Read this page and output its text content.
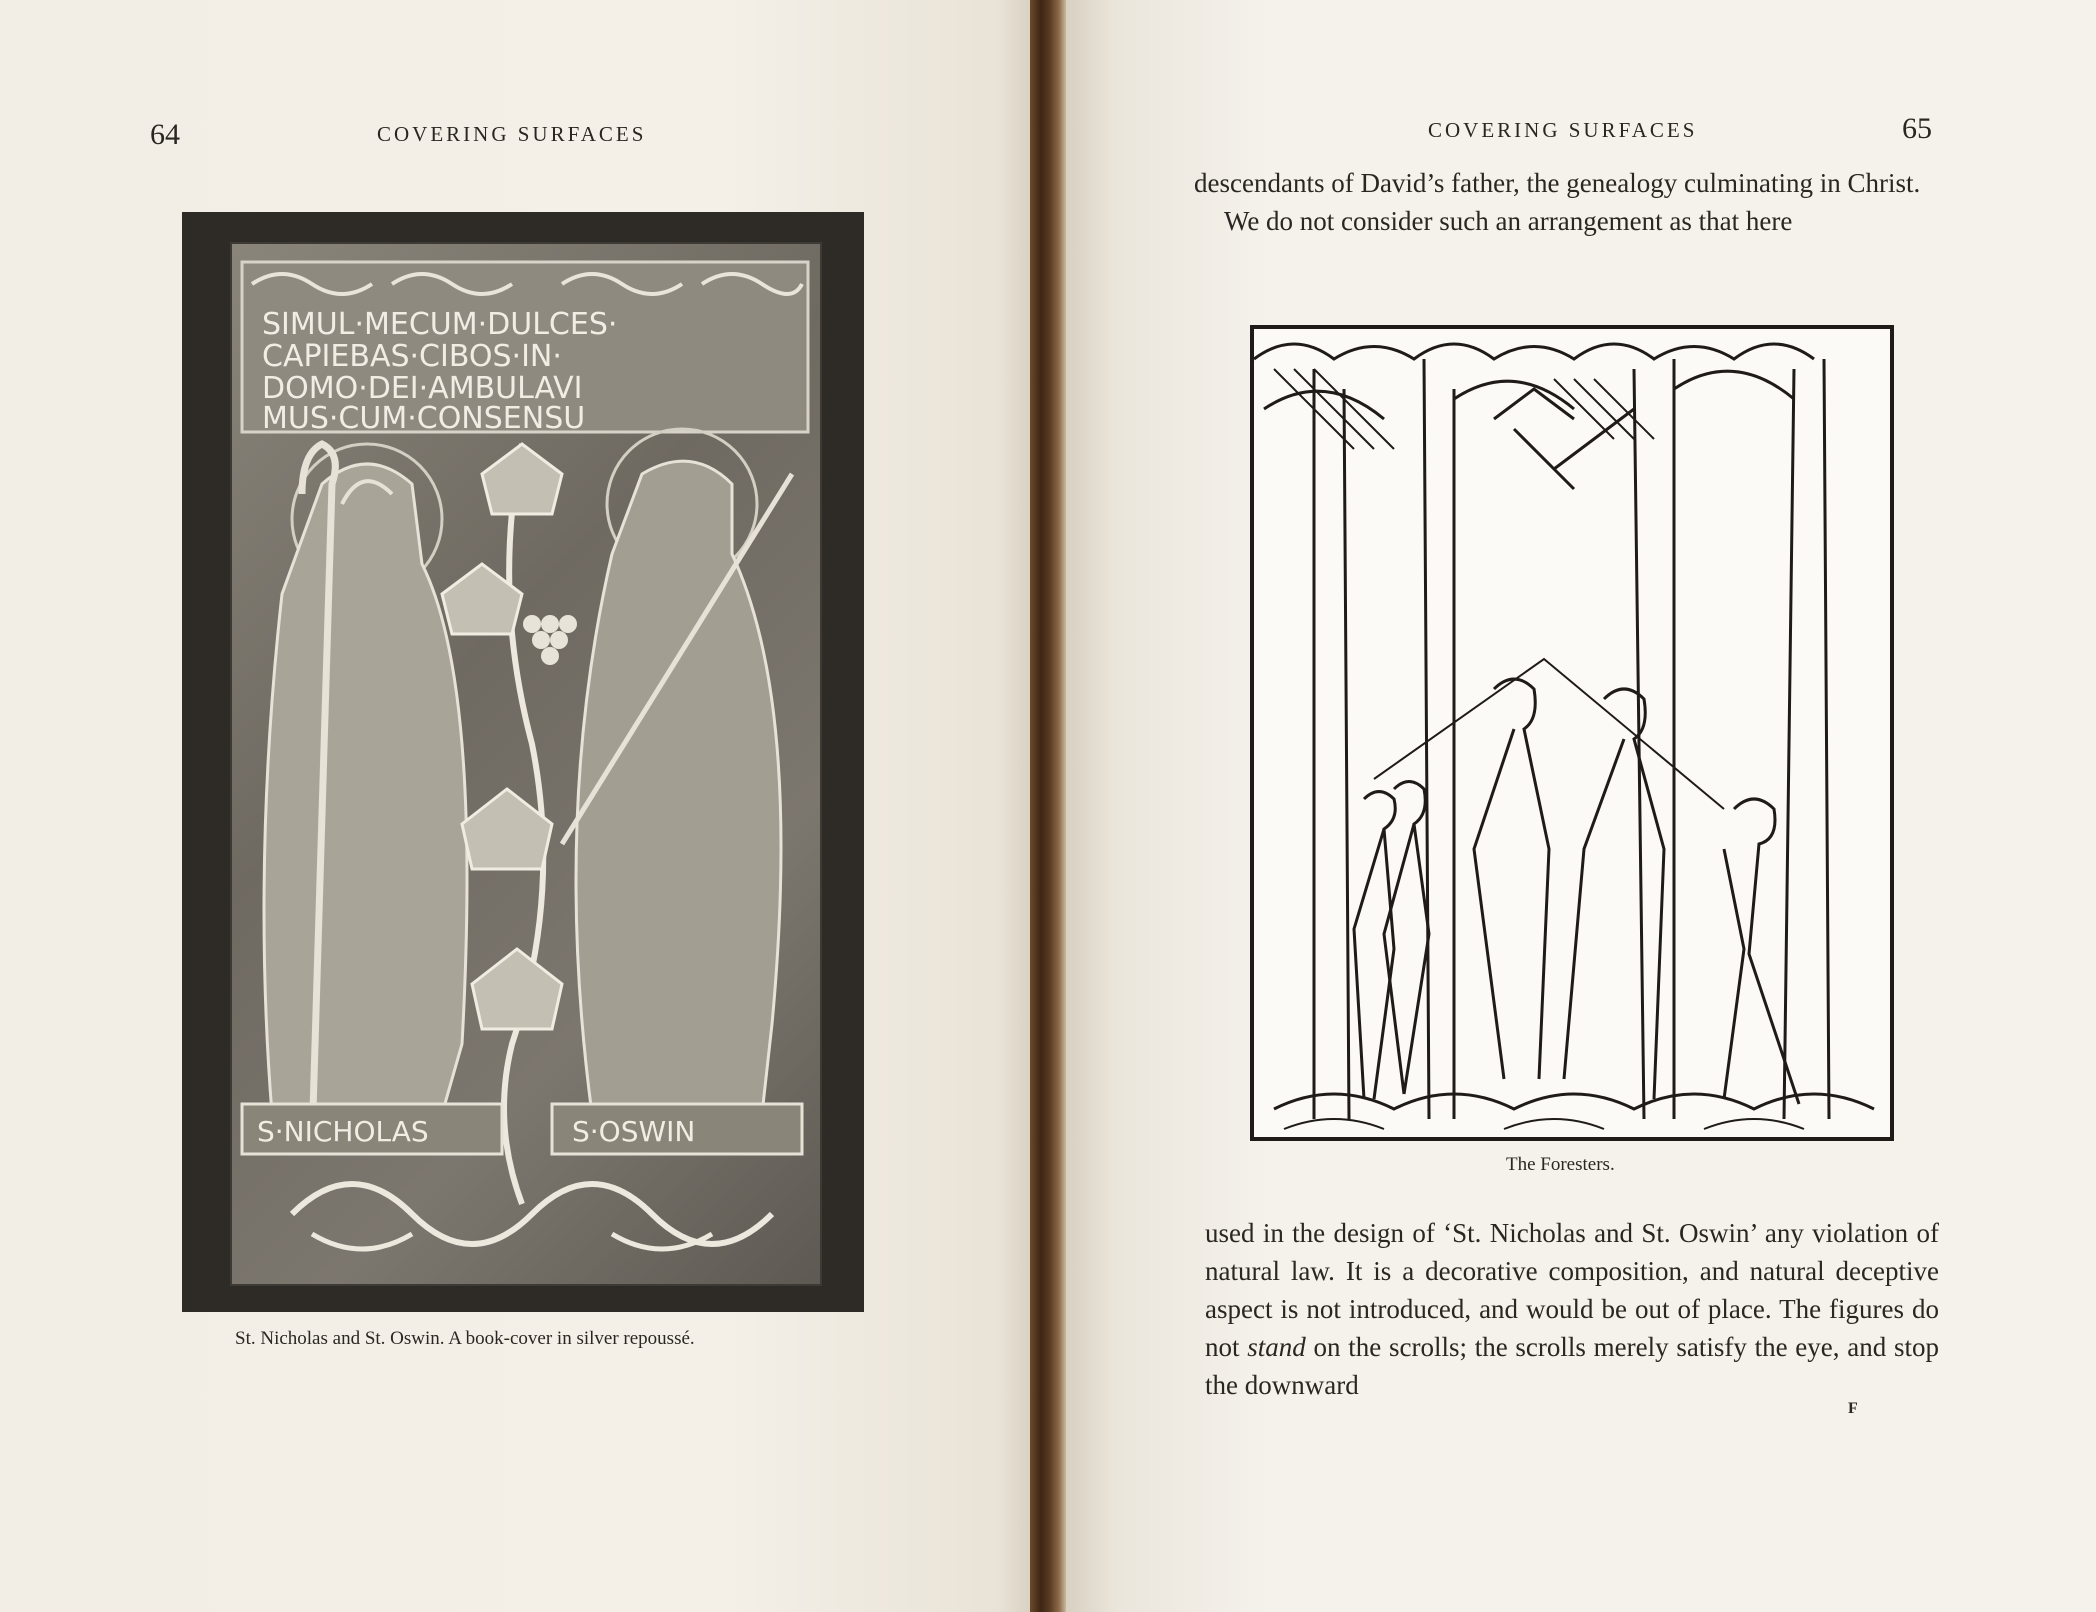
64	COVERING SURFACES
SIMUL·MECUM·DULCES·
CAPIEBAS·CIBOS·IN·
DOMO·DEI·AMBULAVI
MUS·CUM·CONSENSU
S·NICHOLAS	S·OSWIN
St. Nicholas and St. Oswin. A book-cover in silver repoussé.
COVERING SURFACES	65

descendants of David’s father, the genealogy culminating in Christ.

We do not consider such an arrangement as that here

The Foresters.

used in the design of ‘St. Nicholas and St. Oswin’ any violation of natural law. It is a decorative composition, and natural deceptive aspect is not introduced, and would be out of place. The figures do not stand on the scrolls; the scrolls merely satisfy the eye, and stop the downward

F
